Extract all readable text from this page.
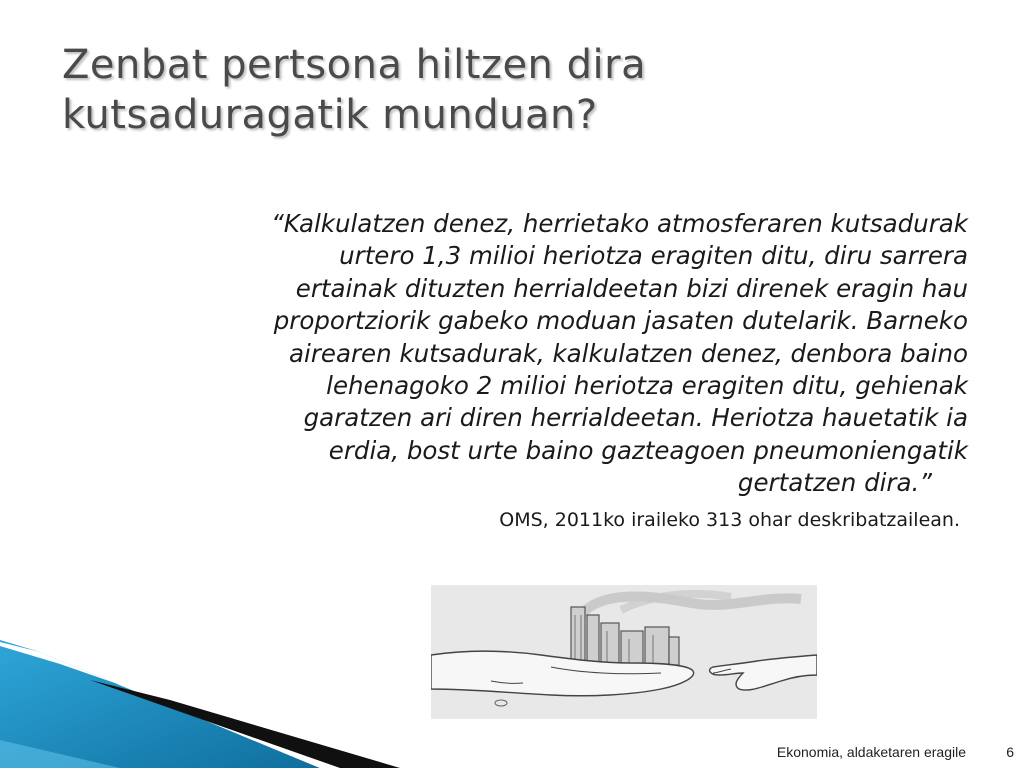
Zenbat pertsona hiltzen dira
kutsaduragatik munduan?
“Kalkulatzen denez, herrietako atmosferaren kutsadurak
urtero 1,3 milioi heriotza eragiten ditu, diru sarrera
ertainak dituzten herrialdeetan bizi direnek eragin hau
proportziorik gabeko moduan jasaten dutelarik. Barneko
airearen kutsadurak, kalkulatzen denez, denbora baino
lehenagoko 2 milioi heriotza eragiten ditu, gehienak
garatzen ari diren herrialdeetan. Heriotza hauetatik ia
erdia, bost urte baino gazteagoen pneumoniengatik
gertatzen dira.”
OMS, 2011ko iraileko 313 ohar deskribatzailean.
Ekonomia, aldaketaren eragile	6
